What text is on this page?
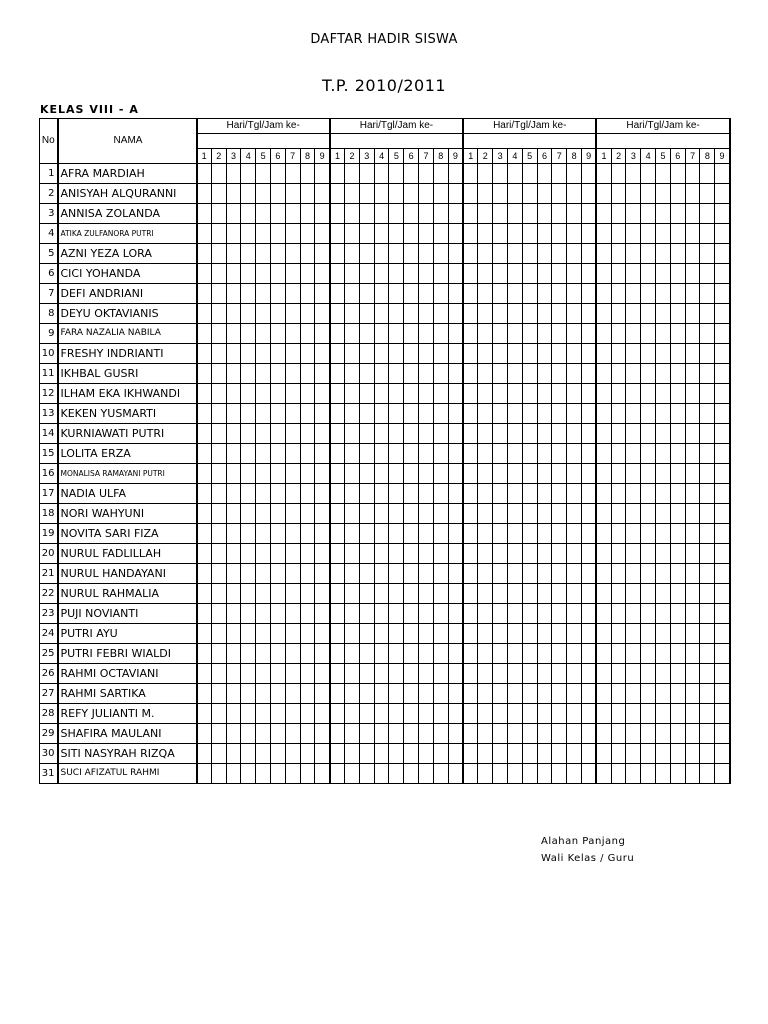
DAFTAR HADIR SISWA
T.P. 2010/2011
KELAS VIII - A
No	NAMA	Hari/Tgl/Jam ke-									Hari/Tgl/Jam ke-									Hari/Tgl/Jam ke-									Hari/Tgl/Jam ke-								

		1	2	3	4	5	6	7	8	9	1	2	3	4	5	6	7	8	9	1	2	3	4	5	6	7	8	9	1	2	3	4	5	6	7	8	9
1	AFRA MARDIAH																																				
2	ANISYAH ALQURANNI																																				
3	ANNISA ZOLANDA																																				
4	ATIKA ZULFANORA PUTRI																																				
5	AZNI YEZA LORA																																				
6	CICI YOHANDA																																				
7	DEFI ANDRIANI																																				
8	DEYU OKTAVIANIS																																				
9	FARA NAZALIA NABILA																																				
10	FRESHY INDRIANTI																																				
11	IKHBAL GUSRI																																				
12	ILHAM EKA IKHWANDI																																				
13	KEKEN YUSMARTI																																				
14	KURNIAWATI PUTRI																																				
15	LOLITA ERZA																																				
16	MONALISA RAMAYANI PUTRI																																				
17	NADIA ULFA																																				
18	NORI WAHYUNI																																				
19	NOVITA SARI FIZA																																				
20	NURUL FADLILLAH																																				
21	NURUL HANDAYANI																																				
22	NURUL RAHMALIA																																				
23	PUJI NOVIANTI																																				
24	PUTRI AYU																																				
25	PUTRI FEBRI WIALDI																																				
26	RAHMI OCTAVIANI																																				
27	RAHMI SARTIKA																																				
28	REFY JULIANTI M.																																				
29	SHAFIRA MAULANI																																				
30	SITI NASYRAH RIZQA																																				
31	SUCI AFIZATUL RAHMI																																				
Alahan Panjang
Wali Kelas / Guru
